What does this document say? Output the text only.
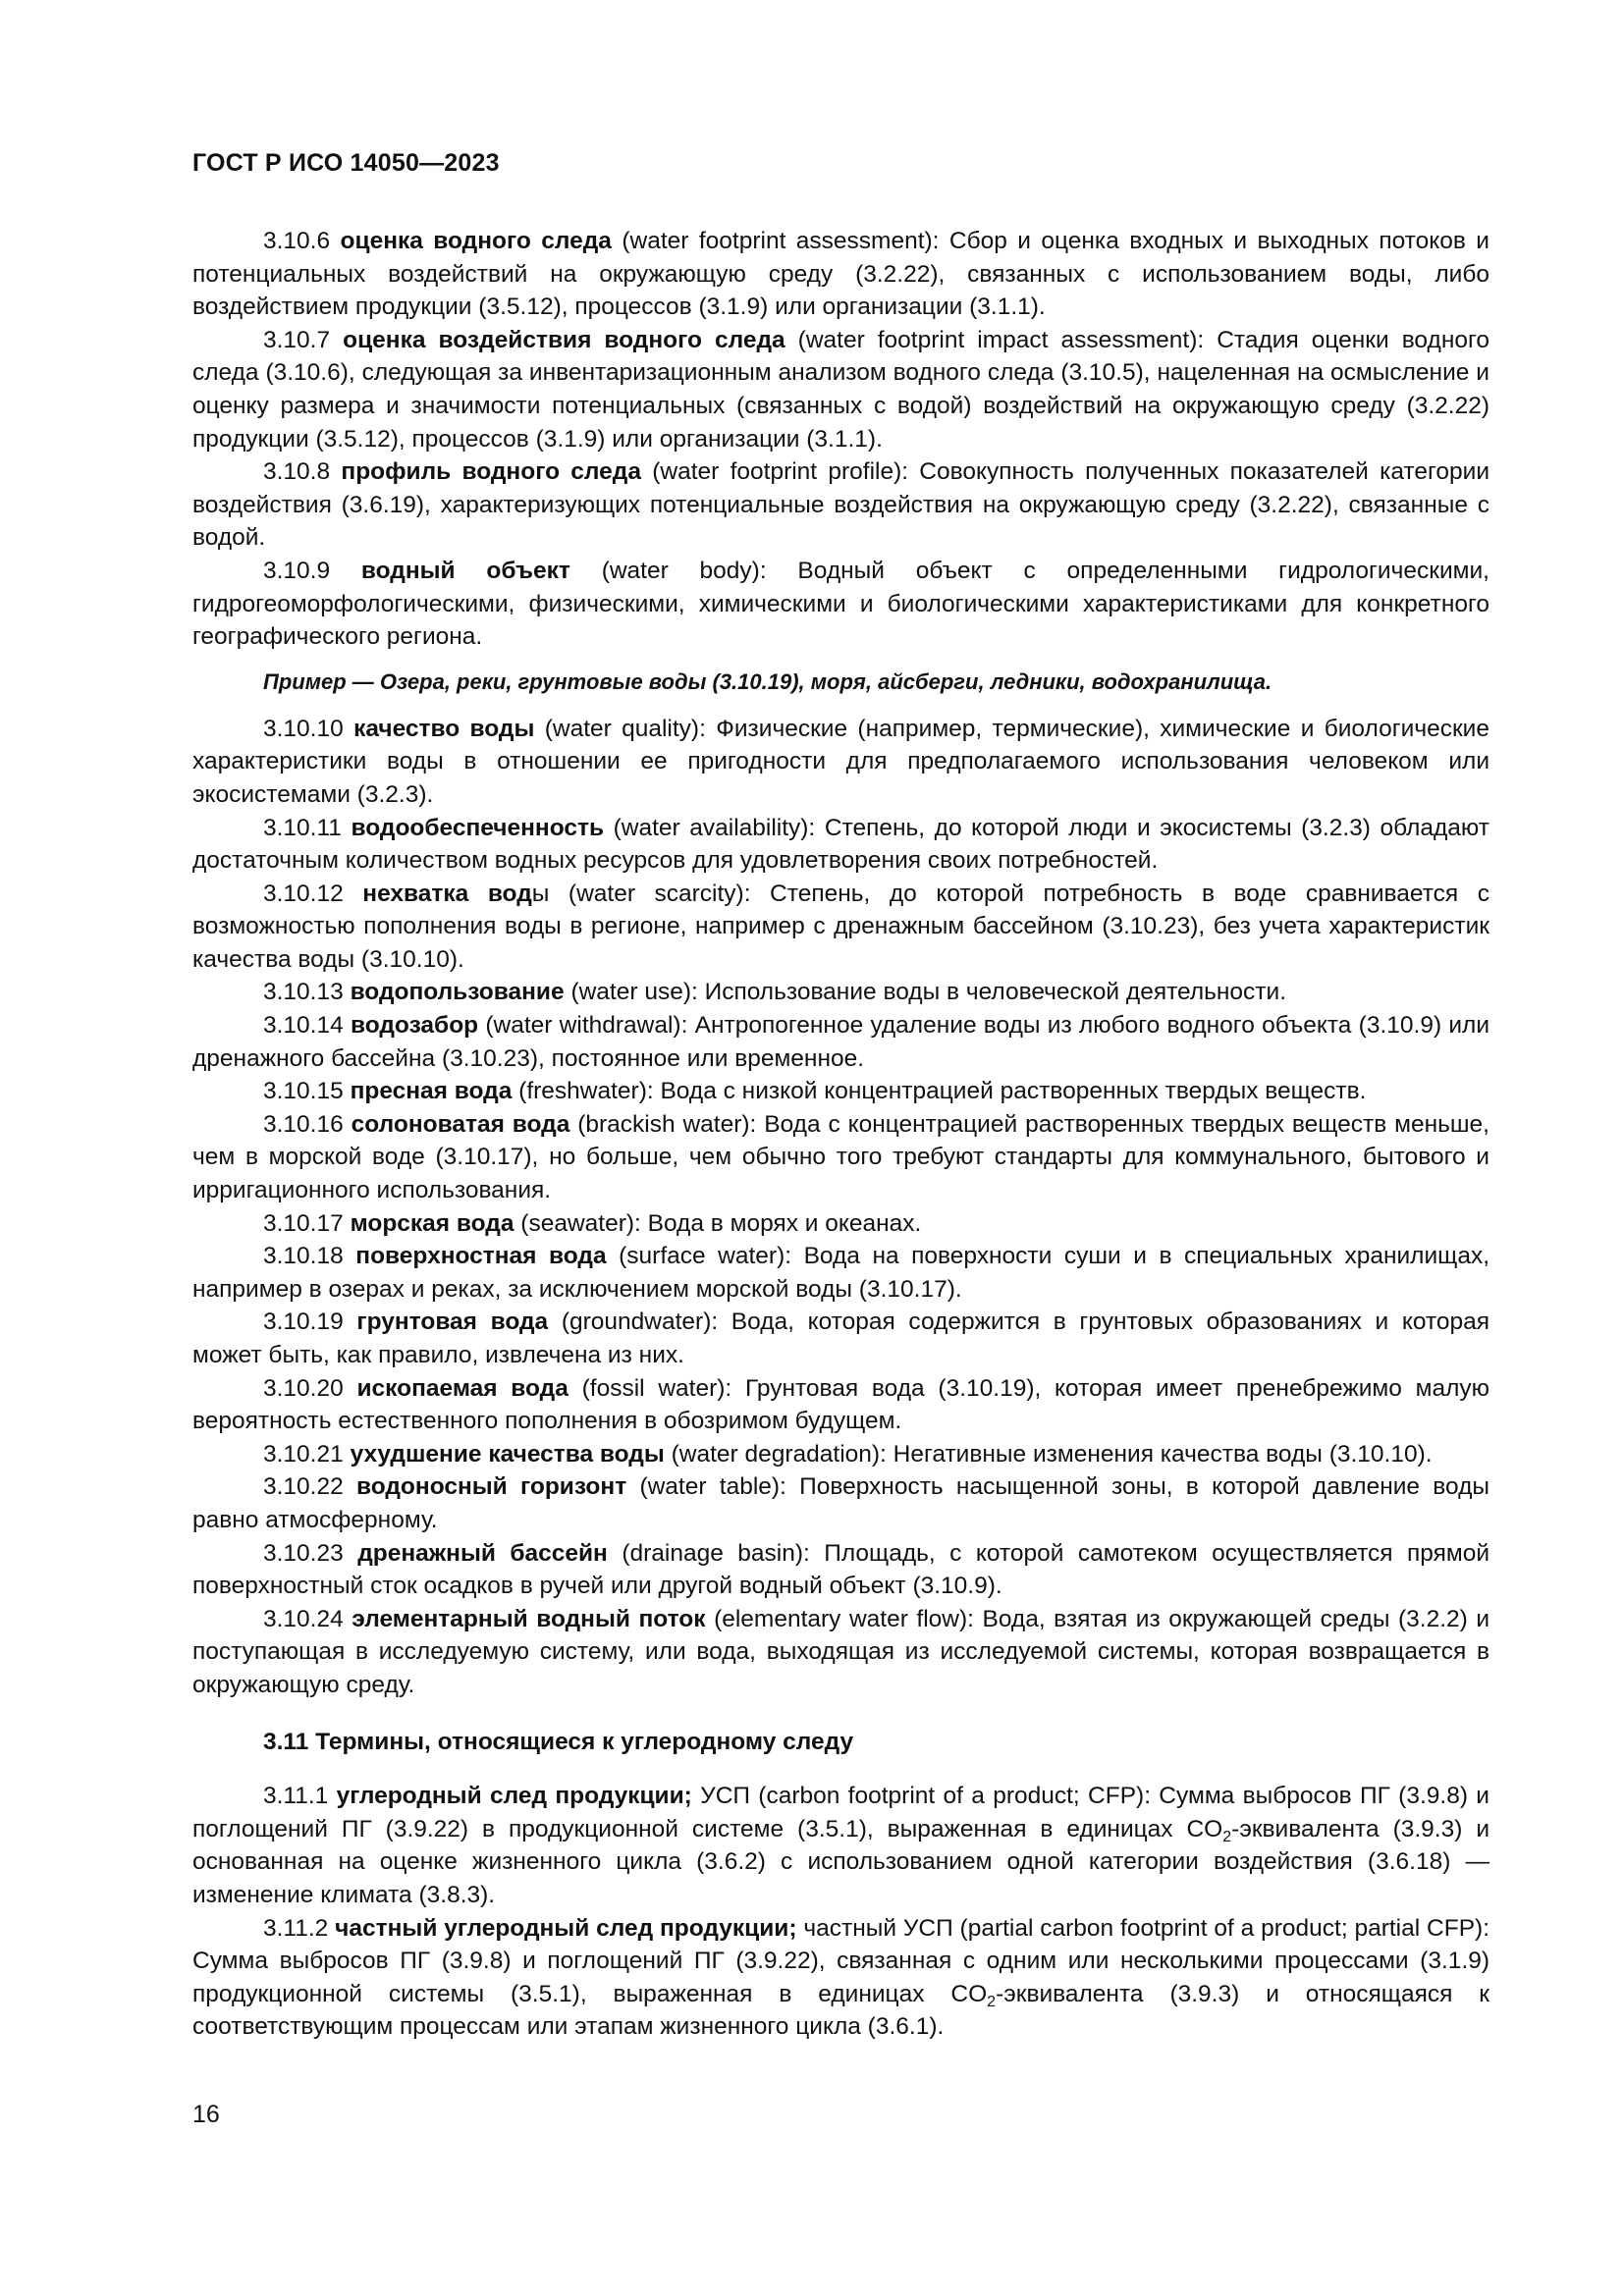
ГОСТ Р ИСО 14050—2023

3.10.6 оценка водного следа (water footprint assessment): Сбор и оценка входных и выходных потоков и потенциальных воздействий на окружающую среду (3.2.22), связанных с использованием воды, либо воздействием продукции (3.5.12), процессов (3.1.9) или организации (3.1.1).

3.10.7 оценка воздействия водного следа (water footprint impact assessment): Стадия оценки водного следа (3.10.6), следующая за инвентаризационным анализом водного следа (3.10.5), нацеленная на осмысление и оценку размера и значимости потенциальных (связанных с водой) воздействий на окружающую среду (3.2.22) продукции (3.5.12), процессов (3.1.9) или организации (3.1.1).

3.10.8 профиль водного следа (water footprint profile): Совокупность полученных показателей категории воздействия (3.6.19), характеризующих потенциальные воздействия на окружающую среду (3.2.22), связанные с водой.

3.10.9 водный объект (water body): Водный объект с определенными гидрологическими, гидрогеоморфологическими, физическими, химическими и биологическими характеристиками для конкретного географического региона.

Пример — Озера, реки, грунтовые воды (3.10.19), моря, айсберги, ледники, водохранилища.

3.10.10 качество воды (water quality): Физические (например, термические), химические и биологические характеристики воды в отношении ее пригодности для предполагаемого использования человеком или экосистемами (3.2.3).

3.10.11 водообеспеченность (water availability): Степень, до которой люди и экосистемы (3.2.3) обладают достаточным количеством водных ресурсов для удовлетворения своих потребностей.

3.10.12 нехватка воды (water scarcity): Степень, до которой потребность в воде сравнивается с возможностью пополнения воды в регионе, например с дренажным бассейном (3.10.23), без учета характеристик качества воды (3.10.10).

3.10.13 водопользование (water use): Использование воды в человеческой деятельности.

3.10.14 водозабор (water withdrawal): Антропогенное удаление воды из любого водного объекта (3.10.9) или дренажного бассейна (3.10.23), постоянное или временное.

3.10.15 пресная вода (freshwater): Вода с низкой концентрацией растворенных твердых веществ.

3.10.16 солоноватая вода (brackish water): Вода с концентрацией растворенных твердых веществ меньше, чем в морской воде (3.10.17), но больше, чем обычно того требуют стандарты для коммунального, бытового и ирригационного использования.

3.10.17 морская вода (seawater): Вода в морях и океанах.

3.10.18 поверхностная вода (surface water): Вода на поверхности суши и в специальных хранилищах, например в озерах и реках, за исключением морской воды (3.10.17).

3.10.19 грунтовая вода (groundwater): Вода, которая содержится в грунтовых образованиях и которая может быть, как правило, извлечена из них.

3.10.20 ископаемая вода (fossil water): Грунтовая вода (3.10.19), которая имеет пренебрежимо малую вероятность естественного пополнения в обозримом будущем.

3.10.21 ухудшение качества воды (water degradation): Негативные изменения качества воды (3.10.10).

3.10.22 водоносный горизонт (water table): Поверхность насыщенной зоны, в которой давление воды равно атмосферному.

3.10.23 дренажный бассейн (drainage basin): Площадь, с которой самотеком осуществляется прямой поверхностный сток осадков в ручей или другой водный объект (3.10.9).

3.10.24 элементарный водный поток (elementary water flow): Вода, взятая из окружающей среды (3.2.2) и поступающая в исследуемую систему, или вода, выходящая из исследуемой системы, которая возвращается в окружающую среду.

3.11 Термины, относящиеся к углеродному следу

3.11.1 углеродный след продукции; УСП (carbon footprint of a product; CFP): Сумма выбросов ПГ (3.9.8) и поглощений ПГ (3.9.22) в продукционной системе (3.5.1), выраженная в единицах $CO_2$-эквивалента (3.9.3) и основанная на оценке жизненного цикла (3.6.2) с использованием одной категории воздействия (3.6.18) — изменение климата (3.8.3).

3.11.2 частный углеродный след продукции; частный УСП (partial carbon footprint of a product; partial CFP): Сумма выбросов ПГ (3.9.8) и поглощений ПГ (3.9.22), связанная с одним или несколькими процессами (3.1.9) продукционной системы (3.5.1), выраженная в единицах $CO_2$-эквивалента (3.9.3) и относящаяся к соответствующим процессам или этапам жизненного цикла (3.6.1).

16
